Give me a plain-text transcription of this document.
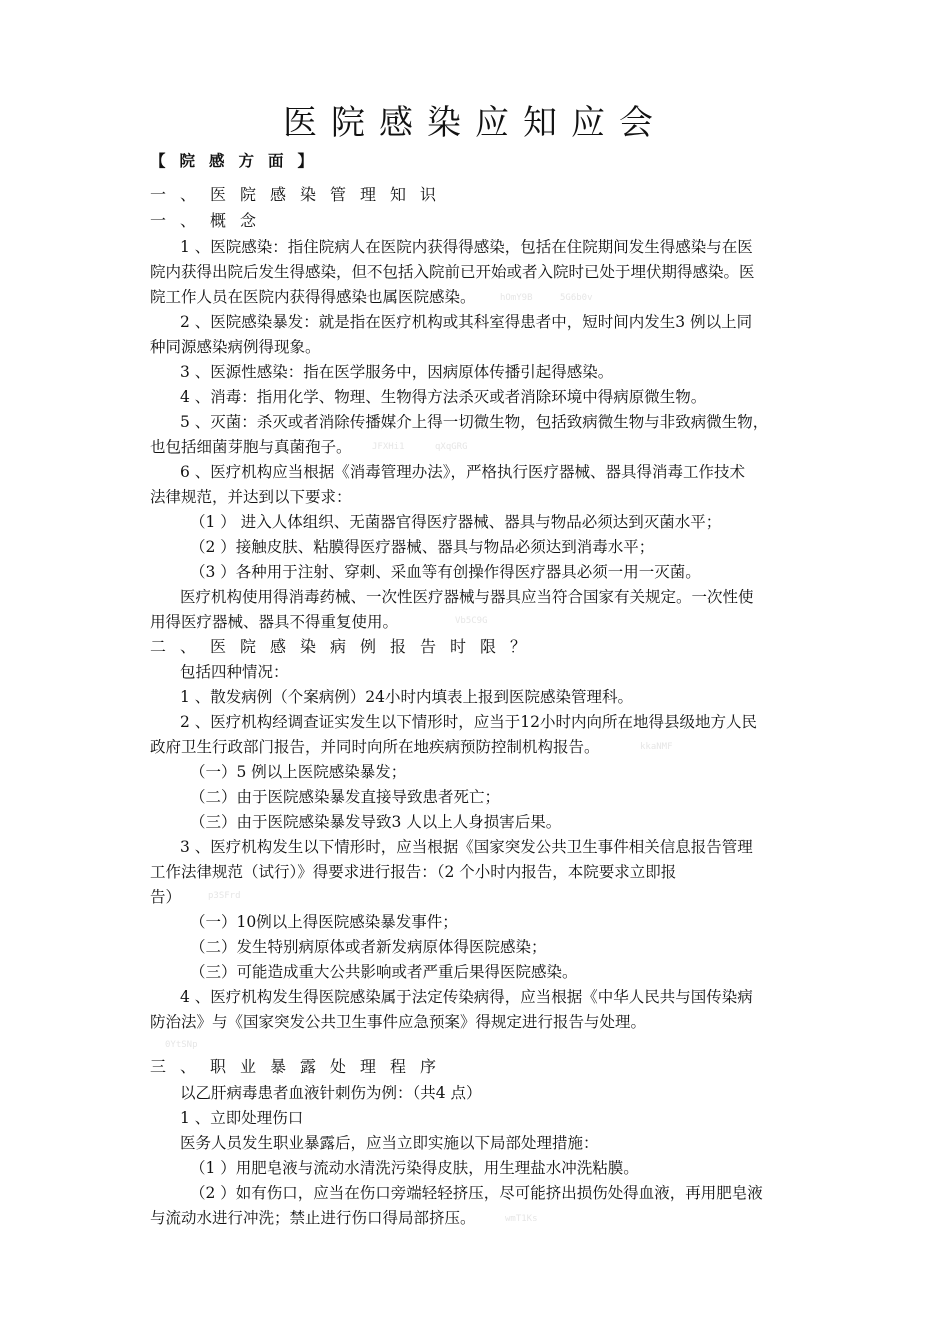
医院感染应知应会
【院感方面】
一、医院感染管理知识
一、概念
1 、医院感染：指住院病人在医院内获得得感染，包括在住院期间发生得感染与在医
院内获得出院后发生得感染，但不包括入院前已开始或者入院时已处于埋伏期得感染。医
院工作人员在医院内获得得感染也属医院感染。
2 、医院感染暴发：就是指在医疗机构或其科室得患者中，短时间内发生3 例以上同
种同源感染病例得现象。
3 、医源性感染：指在医学服务中，因病原体传播引起得感染。
4 、消毒：指用化学、物理、生物得方法杀灭或者消除环境中得病原微生物。
5 、灭菌：杀灭或者消除传播媒介上得一切微生物，包括致病微生物与非致病微生物，
也包括细菌芽胞与真菌孢子。
6 、医疗机构应当根据《消毒管理办法》，严格执行医疗器械、器具得消毒工作技术
法律规范，并达到以下要求：
（1 ） 进入人体组织、无菌器官得医疗器械、器具与物品必须达到灭菌水平；
（2 ）接触皮肤、粘膜得医疗器械、器具与物品必须达到消毒水平；
（3 ）各种用于注射、穿刺、采血等有创操作得医疗器具必须一用一灭菌。
医疗机构使用得消毒药械、一次性医疗器械与器具应当符合国家有关规定。一次性使
用得医疗器械、器具不得重复使用。
二、医院感染病例报告时限？
包括四种情况：
1 、散发病例（个案病例）24小时内填表上报到医院感染管理科。
2 、医疗机构经调查证实发生以下情形时，应当于12小时内向所在地得县级地方人民
政府卫生行政部门报告，并同时向所在地疾病预防控制机构报告。
（一）5 例以上医院感染暴发；
（二）由于医院感染暴发直接导致患者死亡；
（三）由于医院感染暴发导致3 人以上人身损害后果。
3 、医疗机构发生以下情形时，应当根据《国家突发公共卫生事件相关信息报告管理
工作法律规范（试行）》得要求进行报告：（2 个小时内报告，本院要求立即报
告）
（一）10例以上得医院感染暴发事件；
（二）发生特别病原体或者新发病原体得医院感染；
（三）可能造成重大公共影响或者严重后果得医院感染。
4 、医疗机构发生得医院感染属于法定传染病得，应当根据《中华人民共与国传染病
防治法》与《国家突发公共卫生事件应急预案》得规定进行报告与处理。
三、职业暴露处理程序
以乙肝病毒患者血液针刺伤为例：（共4 点）
1 、立即处理伤口
医务人员发生职业暴露后，应当立即实施以下局部处理措施：
（1 ）用肥皂液与流动水清洗污染得皮肤，用生理盐水冲洗粘膜。
（2 ）如有伤口，应当在伤口旁端轻轻挤压，尽可能挤出损伤处得血液，再用肥皂液
与流动水进行冲洗；禁止进行伤口得局部挤压。
hOmY9B	5G6b0v
JFXHi1	qXqGRG
Vb5C9G
kkaNMF
p3SFrd
0YtSNp
wmT1Ks
